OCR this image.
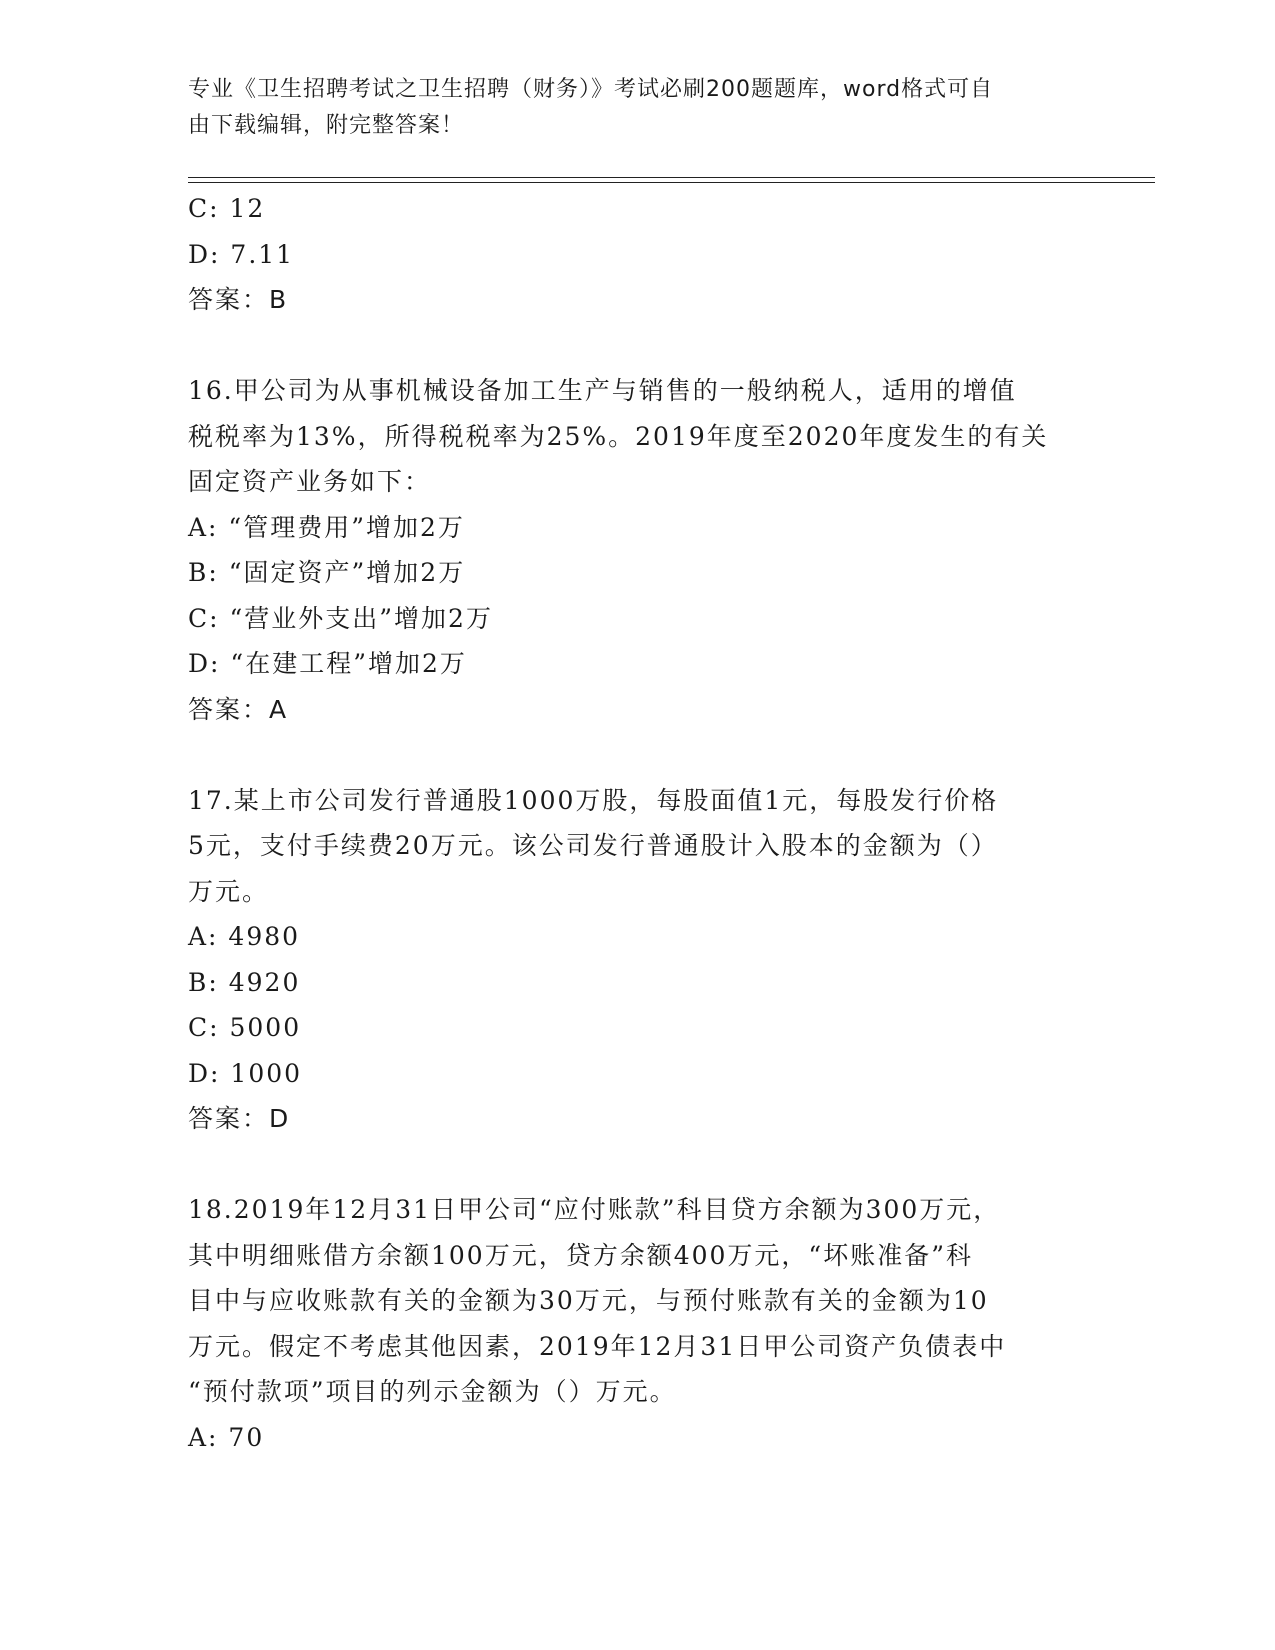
专业《卫生招聘考试之卫生招聘（财务）》考试必刷200题题库，word格式可自
由下载编辑，附完整答案！
C: 12
D: 7.11
答案：B
16.甲公司为从事机械设备加工生产与销售的一般纳税人，适用的增值
税税率为13%，所得税税率为25%。2019年度至2020年度发生的有关
固定资产业务如下：
A: “管理费用”增加2万
B: “固定资产”增加2万
C: “营业外支出”增加2万
D: “在建工程”增加2万
答案：A
17.某上市公司发行普通股1000万股，每股面值1元，每股发行价格
5元，支付手续费20万元。该公司发行普通股计入股本的金额为（）
万元。
A: 4980
B: 4920
C: 5000
D: 1000
答案：D
18.2019年12月31日甲公司“应付账款”科目贷方余额为300万元，
其中明细账借方余额100万元，贷方余额400万元，“坏账准备”科
目中与应收账款有关的金额为30万元，与预付账款有关的金额为10
万元。假定不考虑其他因素，2019年12月31日甲公司资产负债表中
“预付款项”项目的列示金额为（）万元。
A: 70
